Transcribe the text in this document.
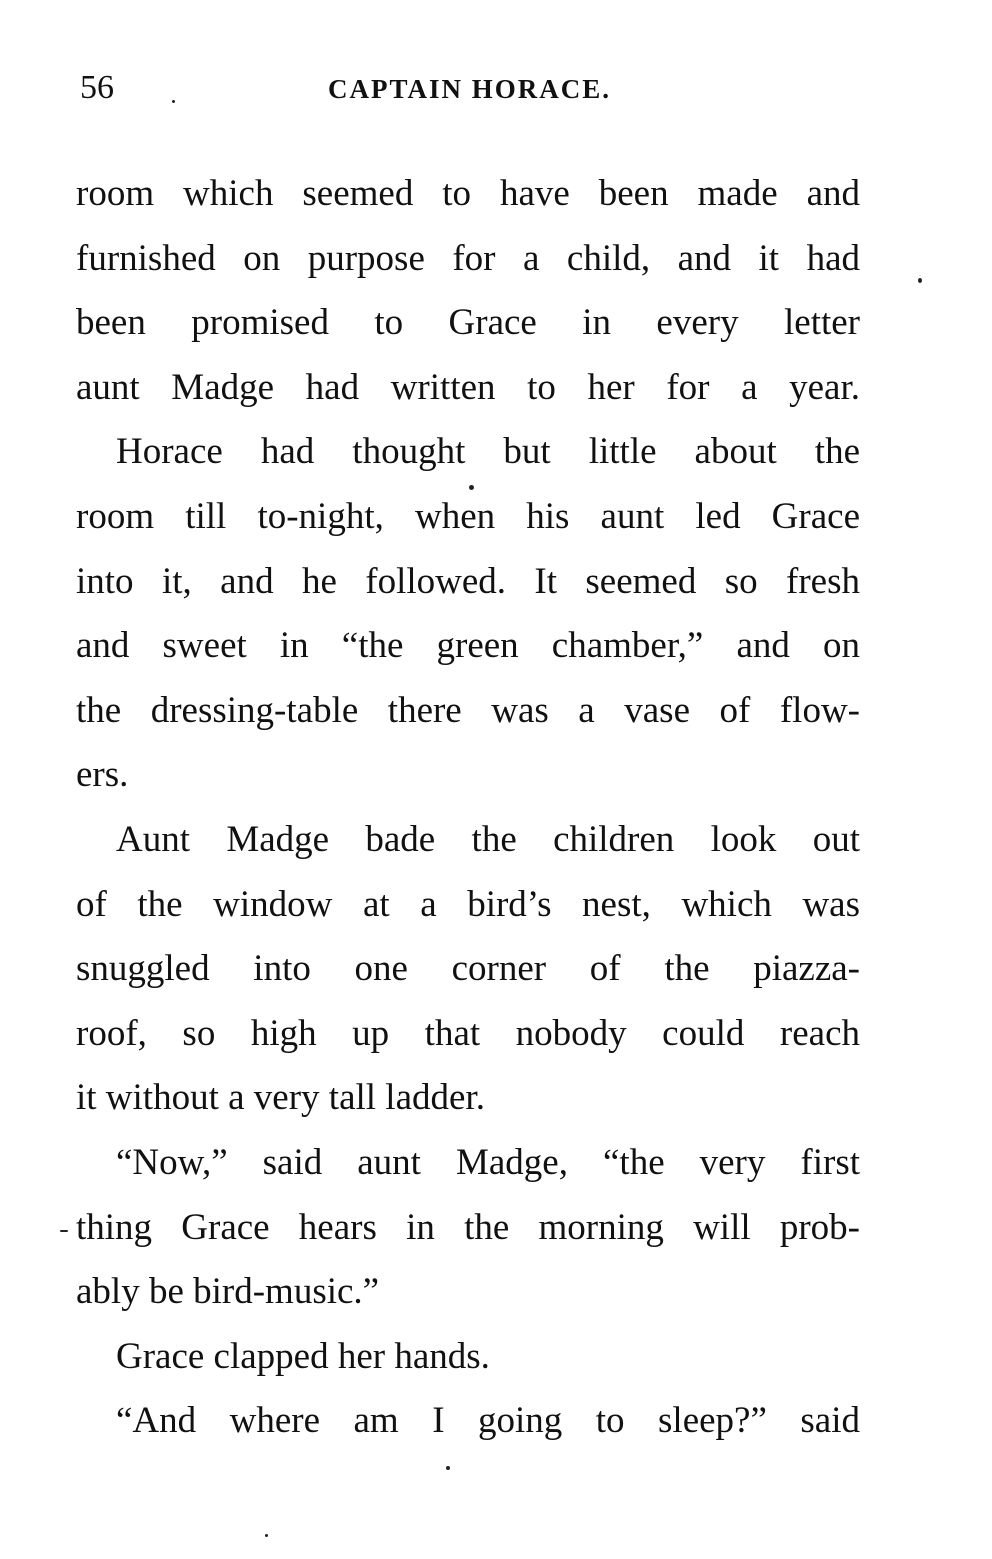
56	CAPTAIN HORACE.
room which seemed to have been made and
furnished on purpose for a child, and it had
been promised to Grace in every letter
aunt Madge had written to her for a year.
Horace had thought but little about the
room till to-night, when his aunt led Grace
into it, and he followed. It seemed so fresh
and sweet in “the green chamber,” and on
the dressing-table there was a vase of flow-
ers.
Aunt Madge bade the children look out
of the window at a bird’s nest, which was
snuggled into one corner of the piazza-
roof, so high up that nobody could reach
it without a very tall ladder.
“Now,” said aunt Madge, “the very first
thing Grace hears in the morning will prob-
ably be bird-music.”
Grace clapped her hands.
“And where am I going to sleep?” said
